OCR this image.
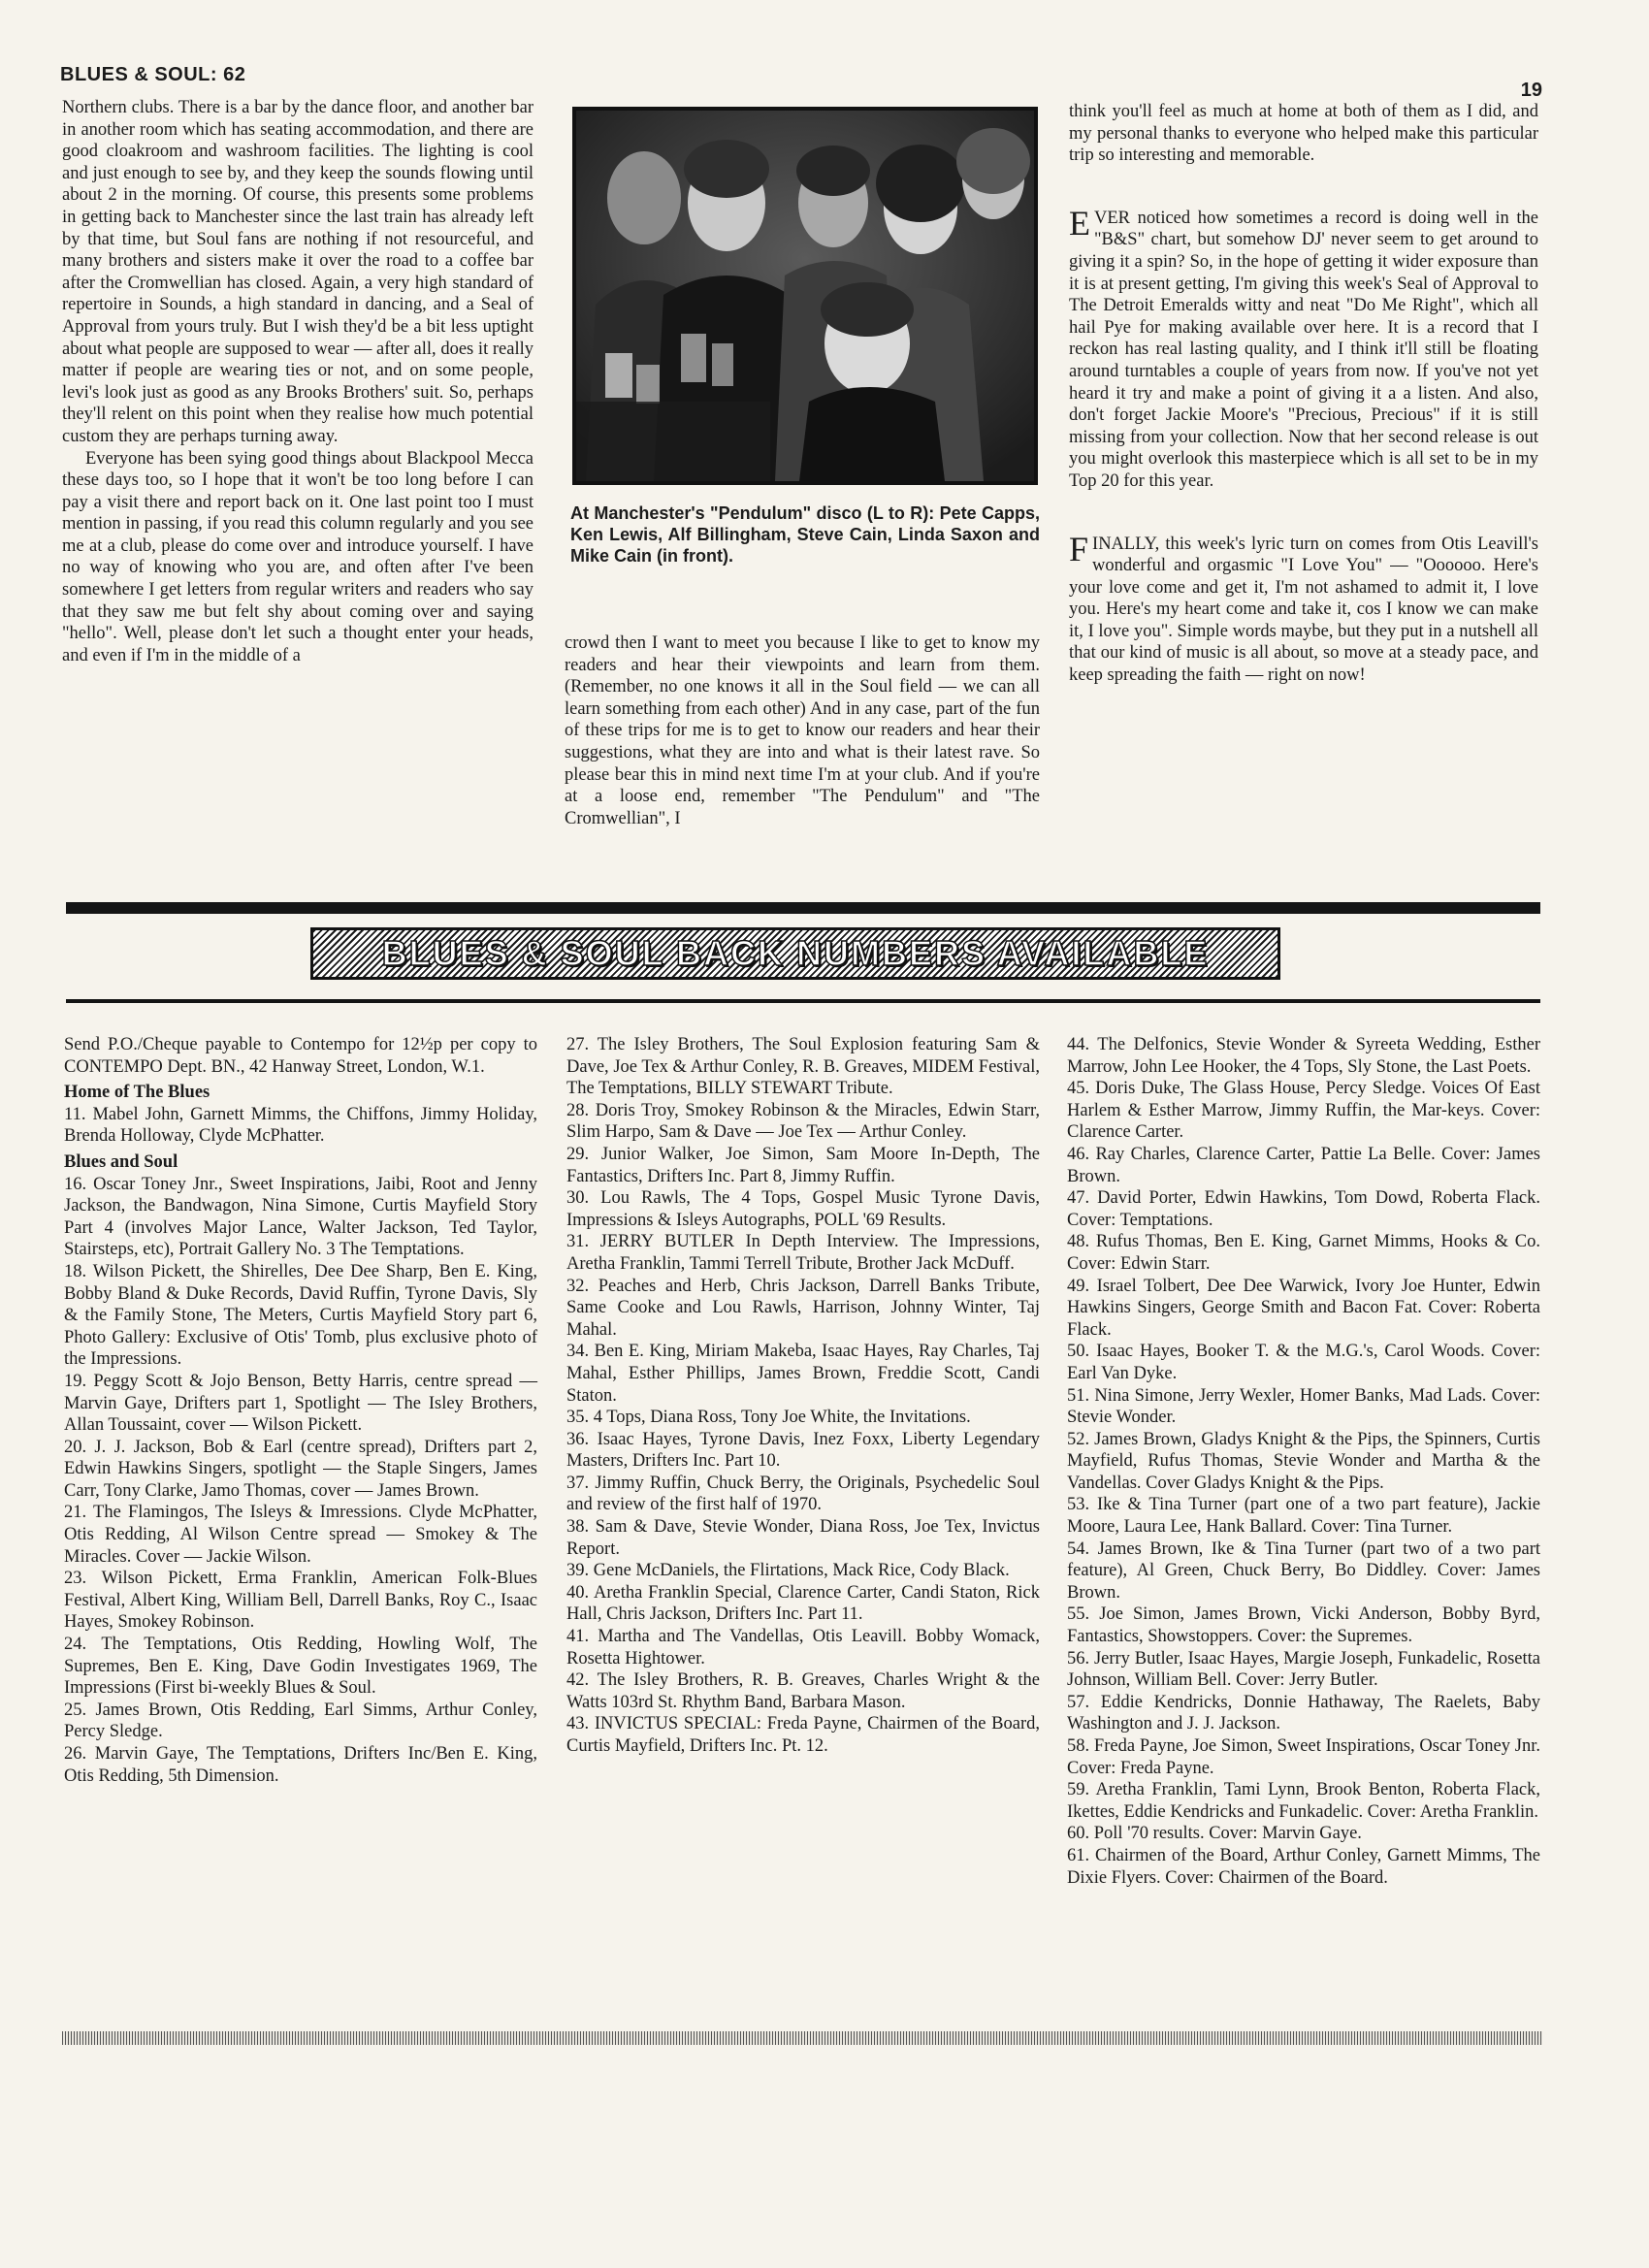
BLUES & SOUL: 62
19

Northern clubs. There is a bar by the dance floor, and another bar in another room which has seating accommodation, and there are good cloakroom and washroom facilities. The lighting is cool and just enough to see by, and they keep the sounds flowing until about 2 in the morning. Of course, this presents some problems in getting back to Manchester since the last train has already left by that time, but Soul fans are nothing if not resourceful, and many brothers and sisters make it over the road to a coffee bar after the Cromwellian has closed. Again, a very high standard of repertoire in Sounds, a high standard in dancing, and a Seal of Approval from yours truly. But I wish they'd be a bit less uptight about what people are supposed to wear — after all, does it really matter if people are wearing ties or not, and on some people, levi's look just as good as any Brooks Brothers' suit. So, perhaps they'll relent on this point when they realise how much potential custom they are perhaps turning away.

Everyone has been sying good things about Blackpool Mecca these days too, so I hope that it won't be too long before I can pay a visit there and report back on it. One last point too I must mention in passing, if you read this column regularly and you see me at a club, please do come over and introduce yourself. I have no way of knowing who you are, and often after I've been somewhere I get letters from regular writers and readers who say that they saw me but felt shy about coming over and saying "hello". Well, please don't let such a thought enter your heads, and even if I'm in the middle of a

At Manchester's "Pendulum" disco (L to R): Pete Capps, Ken Lewis, Alf Billingham, Steve Cain, Linda Saxon and Mike Cain (in front).

crowd then I want to meet you because I like to get to know my readers and hear their viewpoints and learn from them. (Remember, no one knows it all in the Soul field — we can all learn something from each other) And in any case, part of the fun of these trips for me is to get to know our readers and hear their suggestions, what they are into and what is their latest rave. So please bear this in mind next time I'm at your club. And if you're at a loose end, remember "The Pendulum" and "The Cromwellian", I

think you'll feel as much at home at both of them as I did, and my personal thanks to everyone who helped make this particular trip so interesting and memorable.

EVER noticed how sometimes a record is doing well in the "B&S" chart, but somehow DJ' never seem to get around to giving it a spin? So, in the hope of getting it wider exposure than it is at present getting, I'm giving this week's Seal of Approval to The Detroit Emeralds witty and neat "Do Me Right", which all hail Pye for making available over here. It is a record that I reckon has real lasting quality, and I think it'll still be floating around turntables a couple of years from now. If you've not yet heard it try and make a point of giving it a a listen. And also, don't forget Jackie Moore's "Precious, Precious" if it is still missing from your collection. Now that her second release is out you might overlook this masterpiece which is all set to be in my Top 20 for this year.

FINALLY, this week's lyric turn on comes from Otis Leavill's wonderful and orgasmic "I Love You" — "Oooooo. Here's your love come and get it, I'm not ashamed to admit it, I love you. Here's my heart come and take it, cos I know we can make it, I love you". Simple words maybe, but they put in a nutshell all that our kind of music is all about, so move at a steady pace, and keep spreading the faith — right on now!

BLUES & SOUL BACK NUMBERS AVAILABLE

Send P.O./Cheque payable to Contempo for 12½p per copy to CONTEMPO Dept. BN., 42 Hanway Street, London, W.1.

Home of The Blues

11. Mabel John, Garnett Mimms, the Chiffons, Jimmy Holiday, Brenda Holloway, Clyde McPhatter.

Blues and Soul

16. Oscar Toney Jnr., Sweet Inspirations, Jaibi, Root and Jenny Jackson, the Bandwagon, Nina Simone, Curtis Mayfield Story Part 4 (involves Major Lance, Walter Jackson, Ted Taylor, Stairsteps, etc), Portrait Gallery No. 3 The Temptations.

18. Wilson Pickett, the Shirelles, Dee Dee Sharp, Ben E. King, Bobby Bland & Duke Records, David Ruffin, Tyrone Davis, Sly & the Family Stone, The Meters, Curtis Mayfield Story part 6, Photo Gallery: Exclusive of Otis' Tomb, plus exclusive photo of the Impressions.

19. Peggy Scott & Jojo Benson, Betty Harris, centre spread — Marvin Gaye, Drifters part 1, Spotlight — The Isley Brothers, Allan Toussaint, cover — Wilson Pickett.

20. J. J. Jackson, Bob & Earl (centre spread), Drifters part 2, Edwin Hawkins Singers, spotlight — the Staple Singers, James Carr, Tony Clarke, Jamo Thomas, cover — James Brown.

21. The Flamingos, The Isleys & Imressions. Clyde McPhatter, Otis Redding, Al Wilson Centre spread — Smokey & The Miracles. Cover — Jackie Wilson.

23. Wilson Pickett, Erma Franklin, American Folk-Blues Festival, Albert King, William Bell, Darrell Banks, Roy C., Isaac Hayes, Smokey Robinson.

24. The Temptations, Otis Redding, Howling Wolf, The Supremes, Ben E. King, Dave Godin Investigates 1969, The Impressions (First bi-weekly Blues & Soul.

25. James Brown, Otis Redding, Earl Simms, Arthur Conley, Percy Sledge.

26. Marvin Gaye, The Temptations, Drifters Inc/Ben E. King, Otis Redding, 5th Dimension.

27. The Isley Brothers, The Soul Explosion featuring Sam & Dave, Joe Tex & Arthur Conley, R. B. Greaves, MIDEM Festival, The Temptations, BILLY STEWART Tribute.

28. Doris Troy, Smokey Robinson & the Miracles, Edwin Starr, Slim Harpo, Sam & Dave — Joe Tex — Arthur Conley.

29. Junior Walker, Joe Simon, Sam Moore In-Depth, The Fantastics, Drifters Inc. Part 8, Jimmy Ruffin.

30. Lou Rawls, The 4 Tops, Gospel Music Tyrone Davis, Impressions & Isleys Autographs, POLL '69 Results.

31. JERRY BUTLER In Depth Interview. The Impressions, Aretha Franklin, Tammi Terrell Tribute, Brother Jack McDuff.

32. Peaches and Herb, Chris Jackson, Darrell Banks Tribute, Same Cooke and Lou Rawls, Harrison, Johnny Winter, Taj Mahal.

34. Ben E. King, Miriam Makeba, Isaac Hayes, Ray Charles, Taj Mahal, Esther Phillips, James Brown, Freddie Scott, Candi Staton.

35. 4 Tops, Diana Ross, Tony Joe White, the Invitations.

36. Isaac Hayes, Tyrone Davis, Inez Foxx, Liberty Legendary Masters, Drifters Inc. Part 10.

37. Jimmy Ruffin, Chuck Berry, the Originals, Psychedelic Soul and review of the first half of 1970.

38. Sam & Dave, Stevie Wonder, Diana Ross, Joe Tex, Invictus Report.

39. Gene McDaniels, the Flirtations, Mack Rice, Cody Black.

40. Aretha Franklin Special, Clarence Carter, Candi Staton, Rick Hall, Chris Jackson, Drifters Inc. Part 11.

41. Martha and The Vandellas, Otis Leavill. Bobby Womack, Rosetta Hightower.

42. The Isley Brothers, R. B. Greaves, Charles Wright & the Watts 103rd St. Rhythm Band, Barbara Mason.

43. INVICTUS SPECIAL: Freda Payne, Chairmen of the Board, Curtis Mayfield, Drifters Inc. Pt. 12.

44. The Delfonics, Stevie Wonder & Syreeta Wedding, Esther Marrow, John Lee Hooker, the 4 Tops, Sly Stone, the Last Poets.

45. Doris Duke, The Glass House, Percy Sledge. Voices Of East Harlem & Esther Marrow, Jimmy Ruffin, the Mar-keys. Cover: Clarence Carter.

46. Ray Charles, Clarence Carter, Pattie La Belle. Cover: James Brown.

47. David Porter, Edwin Hawkins, Tom Dowd, Roberta Flack. Cover: Temptations.

48. Rufus Thomas, Ben E. King, Garnet Mimms, Hooks & Co. Cover: Edwin Starr.

49. Israel Tolbert, Dee Dee Warwick, Ivory Joe Hunter, Edwin Hawkins Singers, George Smith and Bacon Fat. Cover: Roberta Flack.

50. Isaac Hayes, Booker T. & the M.G.'s, Carol Woods. Cover: Earl Van Dyke.

51. Nina Simone, Jerry Wexler, Homer Banks, Mad Lads. Cover: Stevie Wonder.

52. James Brown, Gladys Knight & the Pips, the Spinners, Curtis Mayfield, Rufus Thomas, Stevie Wonder and Martha & the Vandellas. Cover Gladys Knight & the Pips.

53. Ike & Tina Turner (part one of a two part feature), Jackie Moore, Laura Lee, Hank Ballard. Cover: Tina Turner.

54. James Brown, Ike & Tina Turner (part two of a two part feature), Al Green, Chuck Berry, Bo Diddley. Cover: James Brown.

55. Joe Simon, James Brown, Vicki Anderson, Bobby Byrd, Fantastics, Showstoppers. Cover: the Supremes.

56. Jerry Butler, Isaac Hayes, Margie Joseph, Funkadelic, Rosetta Johnson, William Bell. Cover: Jerry Butler.

57. Eddie Kendricks, Donnie Hathaway, The Raelets, Baby Washington and J. J. Jackson.

58. Freda Payne, Joe Simon, Sweet Inspirations, Oscar Toney Jnr. Cover: Freda Payne.

59. Aretha Franklin, Tami Lynn, Brook Benton, Roberta Flack, Ikettes, Eddie Kendricks and Funkadelic. Cover: Aretha Franklin.

60. Poll '70 results. Cover: Marvin Gaye.

61. Chairmen of the Board, Arthur Conley, Garnett Mimms, The Dixie Flyers. Cover: Chairmen of the Board.
